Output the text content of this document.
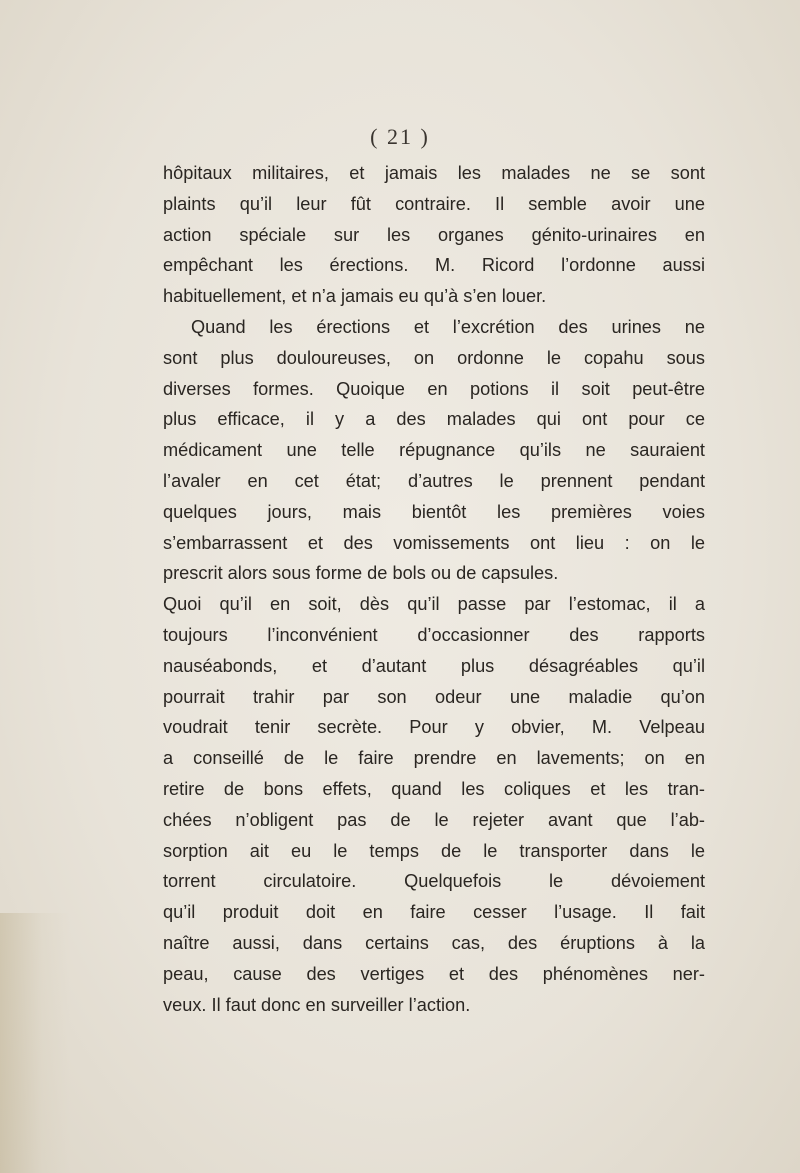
( 21 )
hôpitaux militaires, et jamais les malades ne se sont
plaints qu’il leur fût contraire. Il semble avoir une
action spéciale sur les organes génito-urinaires en
empêchant les érections. M. Ricord l’ordonne aussi
habituellement, et n’a jamais eu qu’à s’en louer.
Quand les érections et l’excrétion des urines ne
sont plus douloureuses, on ordonne le copahu sous
diverses formes. Quoique en potions il soit peut-être
plus efficace, il y a des malades qui ont pour ce
médicament une telle répugnance qu’ils ne sauraient
l’avaler en cet état; d’autres le prennent pendant
quelques jours, mais bientôt les premières voies
s’embarrassent et des vomissements ont lieu : on le
prescrit alors sous forme de bols ou de capsules.
Quoi qu’il en soit, dès qu’il passe par l’estomac, il a
toujours l’inconvénient d’occasionner des rapports
nauséabonds, et d’autant plus désagréables qu’il
pourrait trahir par son odeur une maladie qu’on
voudrait tenir secrète. Pour y obvier, M. Velpeau
a conseillé de le faire prendre en lavements; on en
retire de bons effets, quand les coliques et les tran-
chées n’obligent pas de le rejeter avant que l’ab-
sorption ait eu le temps de le transporter dans le
torrent circulatoire. Quelquefois le dévoiement
qu’il produit doit en faire cesser l’usage. Il fait
naître aussi, dans certains cas, des éruptions à la
peau, cause des vertiges et des phénomènes ner-
veux. Il faut donc en surveiller l’action.
